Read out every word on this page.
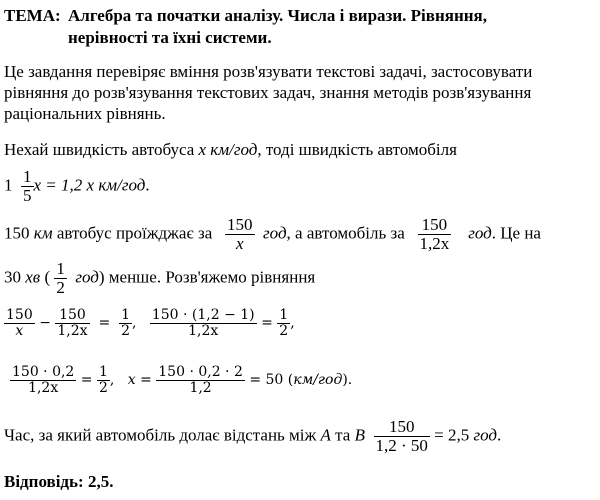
ТЕМА: Алгебра та початки аналізу. Числа і вирази. Рівняння,
нерівності та їхні системи.
Це завдання перевіряє вміння розв'язувати текстові задачі, застосовувати
рівняння до розв'язування текстових задач, знання методів розв'язування
раціональних рівнянь.
Нехай швидкість автобуса x км/год, тоді швидкість автомобіля
$1 \frac{1}{5}$ x = 1,2 x км/год.
150 км автобус проїжджає за $\frac{150}{x}$ год, а автомобіль за $\frac{150}{1,2x}$ год. Це на
30 хв ( $\frac{1}{2} год$) менше. Розв'яжемо рівняння
$\frac{150}{x} - \frac{150}{1,2x} = \frac{1}{2}$ , $\frac{150 \cdot (1,2 - 1)}{1,2x} = \frac{1}{2}$ ,
$\frac{150 \cdot 0,2}{1,2x} = \frac{1}{2}$ , $x = \frac{150 \cdot 0,2 \cdot 2}{1,2} = 50$ (км/год).
Час, за який автомобіль долає відстань між A та B $\frac{150}{1,2 \cdot 50} = 2,5$ год.
Відповідь: 2,5.
